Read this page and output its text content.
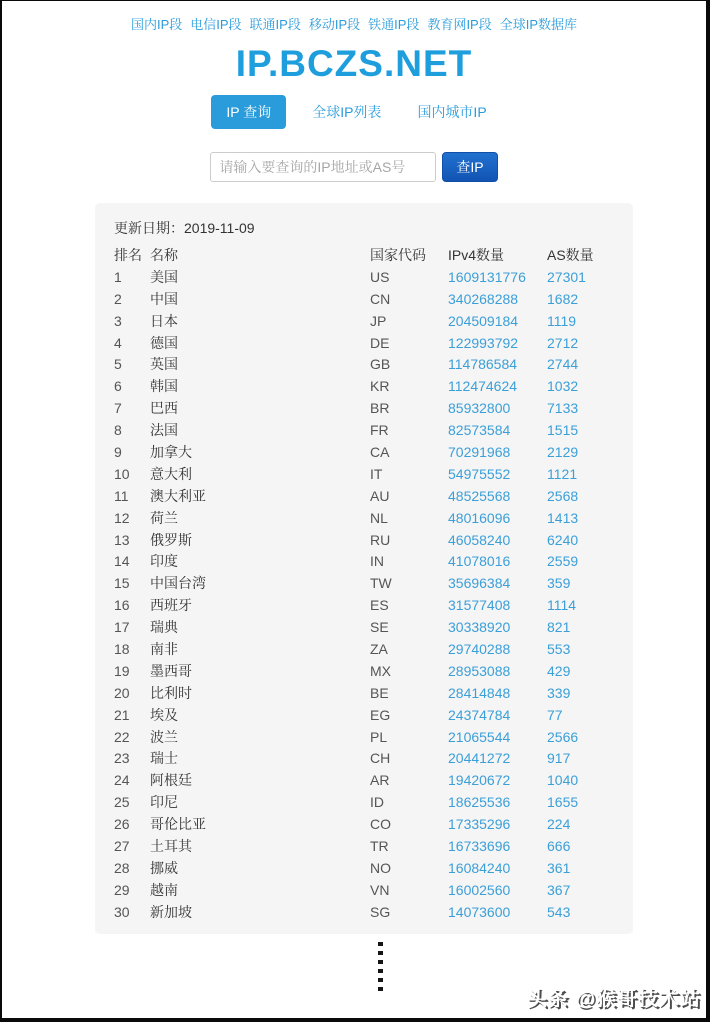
国内IP段 电信IP段 联通IP段 移动IP段 铁通IP段 教育网IP段 全球IP数据库
IP.BCZS.NET
IP 查询	全球IP列表	国内城市IP
请输入要查询的IP地址或AS号
查IP
更新日期：2019-11-09
排名 名称	国家代码	IPv4数量	AS数量
1	美国	US	1609131776	27301
2	中国	CN	340268288	1682
3	日本	JP	204509184	1119
4	德国	DE	122993792	2712
5	英国	GB	114786584	2744
6	韩国	KR	112474624	1032
7	巴西	BR	85932800	7133
8	法国	FR	82573584	1515
9	加拿大	CA	70291968	2129
10	意大利	IT	54975552	1121
11	澳大利亚	AU	48525568	2568
12	荷兰	NL	48016096	1413
13	俄罗斯	RU	46058240	6240
14	印度	IN	41078016	2559
15	中国台湾	TW	35696384	359
16	西班牙	ES	31577408	1114
17	瑞典	SE	30338920	821
18	南非	ZA	29740288	553
19	墨西哥	MX	28953088	429
20	比利时	BE	28414848	339
21	埃及	EG	24374784	77
22	波兰	PL	21065544	2566
23	瑞士	CH	20441272	917
24	阿根廷	AR	19420672	1040
25	印尼	ID	18625536	1655
26	哥伦比亚	CO	17335296	224
27	土耳其	TR	16733696	666
28	挪威	NO	16084240	361
29	越南	VN	16002560	367
30	新加坡	SG	14073600	543
头条 @猴哥技术站
